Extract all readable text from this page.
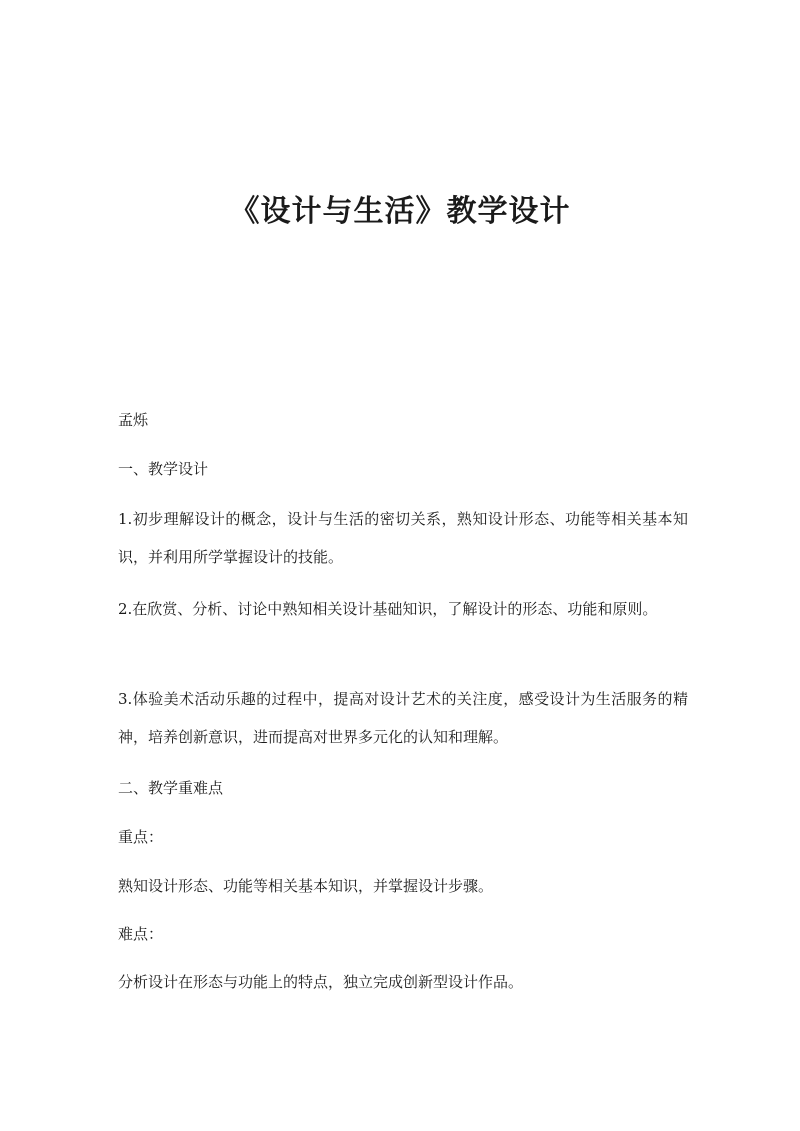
《设计与生活》教学设计

孟烁

一、教学设计

1.初步理解设计的概念，设计与生活的密切关系，熟知设计形态、功能等相关基本知识，并利用所学掌握设计的技能。

2.在欣赏、分析、讨论中熟知相关设计基础知识，了解设计的形态、功能和原则。

3.体验美术活动乐趣的过程中，提高对设计艺术的关注度，感受设计为生活服务的精神，培养创新意识，进而提高对世界多元化的认知和理解。

二、教学重难点

重点：

熟知设计形态、功能等相关基本知识，并掌握设计步骤。

难点：

分析设计在形态与功能上的特点，独立完成创新型设计作品。
